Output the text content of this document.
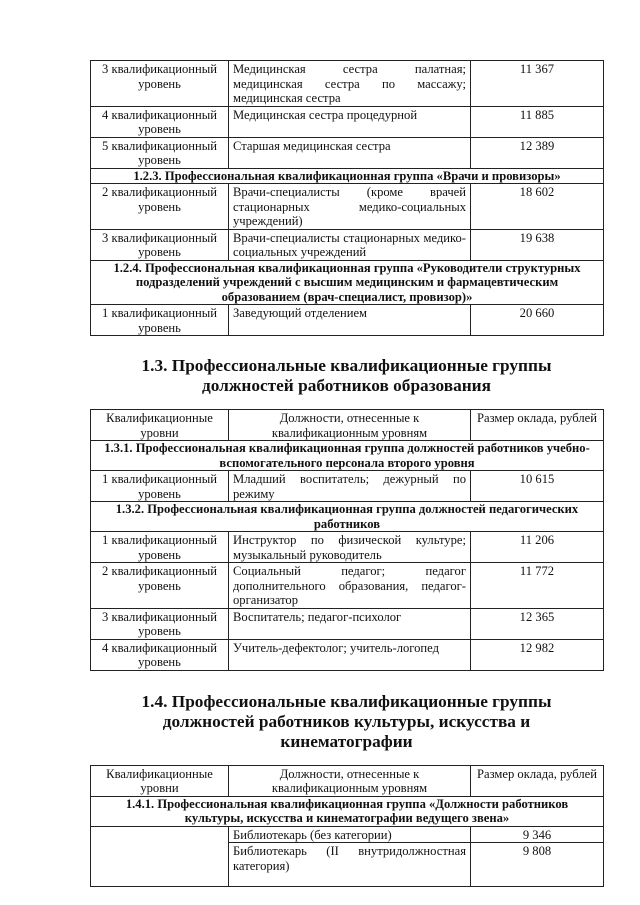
3 квалификационный уровень	Медицинская сестра палатная; медицинская сестра по массажу; медицинская сестра	11 367
4 квалификационный уровень	Медицинская сестра процедурной	11 885
5 квалификационный уровень	Старшая медицинская сестра	12 389
1.2.3. Профессиональная квалификационная группа «Врачи и провизоры»		
2 квалификационный уровень	Врачи-специалисты (кроме врачей стационарных медико-социальных учреждений)	18 602
3 квалификационный уровень	Врачи-специалисты стационарных медико-социальных учреждений	19 638
1.2.4. Профессиональная квалификационная группа «Руководители структурных подразделений учреждений с высшим медицинским и фармацевтическим образованием (врач-специалист, провизор)»		
1 квалификационный уровень	Заведующий отделением	20 660
1.3. Профессиональные квалификационные группы должностей работников образования
Квалификационные уровни	Должности, отнесенные к квалификационным уровням	Размер оклада, рублей
1.3.1. Профессиональная квалификационная группа должностей работников учебно-вспомогательного персонала второго уровня		
1 квалификационный уровень	Младший воспитатель; дежурный по режиму	10 615
1.3.2. Профессиональная квалификационная группа должностей педагогических работников		
1 квалификационный уровень	Инструктор по физической культуре; музыкальный руководитель	11 206
2 квалификационный уровень	Социальный педагог; педагог дополнительного образования, педагог-организатор	11 772
3 квалификационный уровень	Воспитатель; педагог-психолог	12 365
4 квалификационный уровень	Учитель-дефектолог; учитель-логопед	12 982
1.4. Профессиональные квалификационные группы должностей работников культуры, искусства и кинематографии
Квалификационные уровни	Должности, отнесенные к квалификационным уровням	Размер оклада, рублей
1.4.1. Профессиональная квалификационная группа «Должности работников культуры, искусства и кинематографии ведущего звена»		
	Библиотекарь (без категории)	9 346
	Библиотекарь (II внутридолжностная категория)	9 808
